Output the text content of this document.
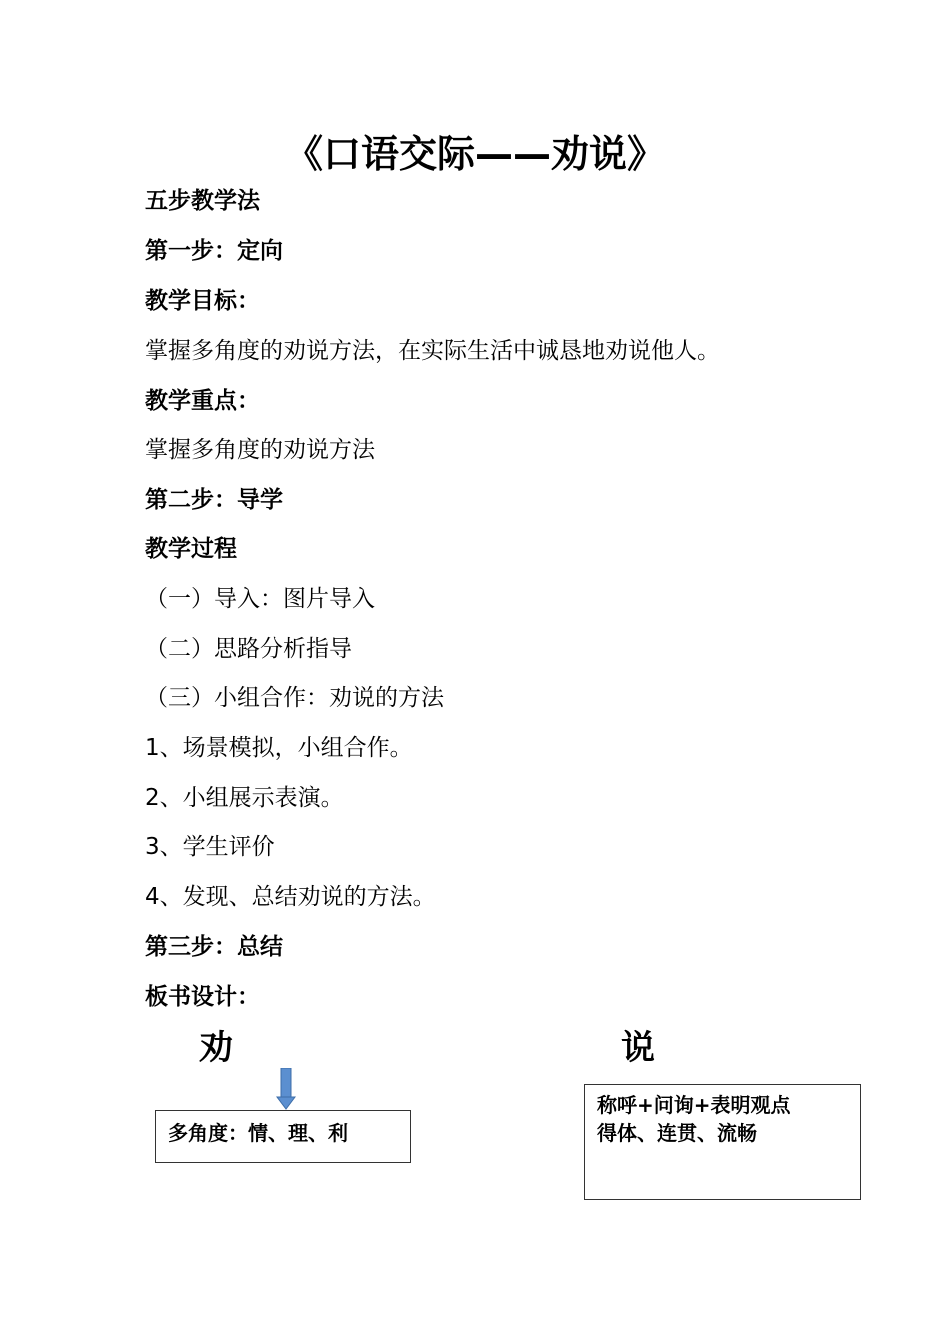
《口语交际——劝说》
五步教学法
第一步：定向
教学目标：
掌握多角度的劝说方法，在实际生活中诚恳地劝说他人。
教学重点：
掌握多角度的劝说方法
第二步：导学
教学过程
（一）导入：图片导入
（二）思路分析指导
（三）小组合作：劝说的方法
1、场景模拟，小组合作。
2、小组展示表演。
3、学生评价
4、发现、总结劝说的方法。
第三步：总结
板书设计：
劝	说
多角度：情、理、利
称呼+问询+表明观点
得体、连贯、流畅
